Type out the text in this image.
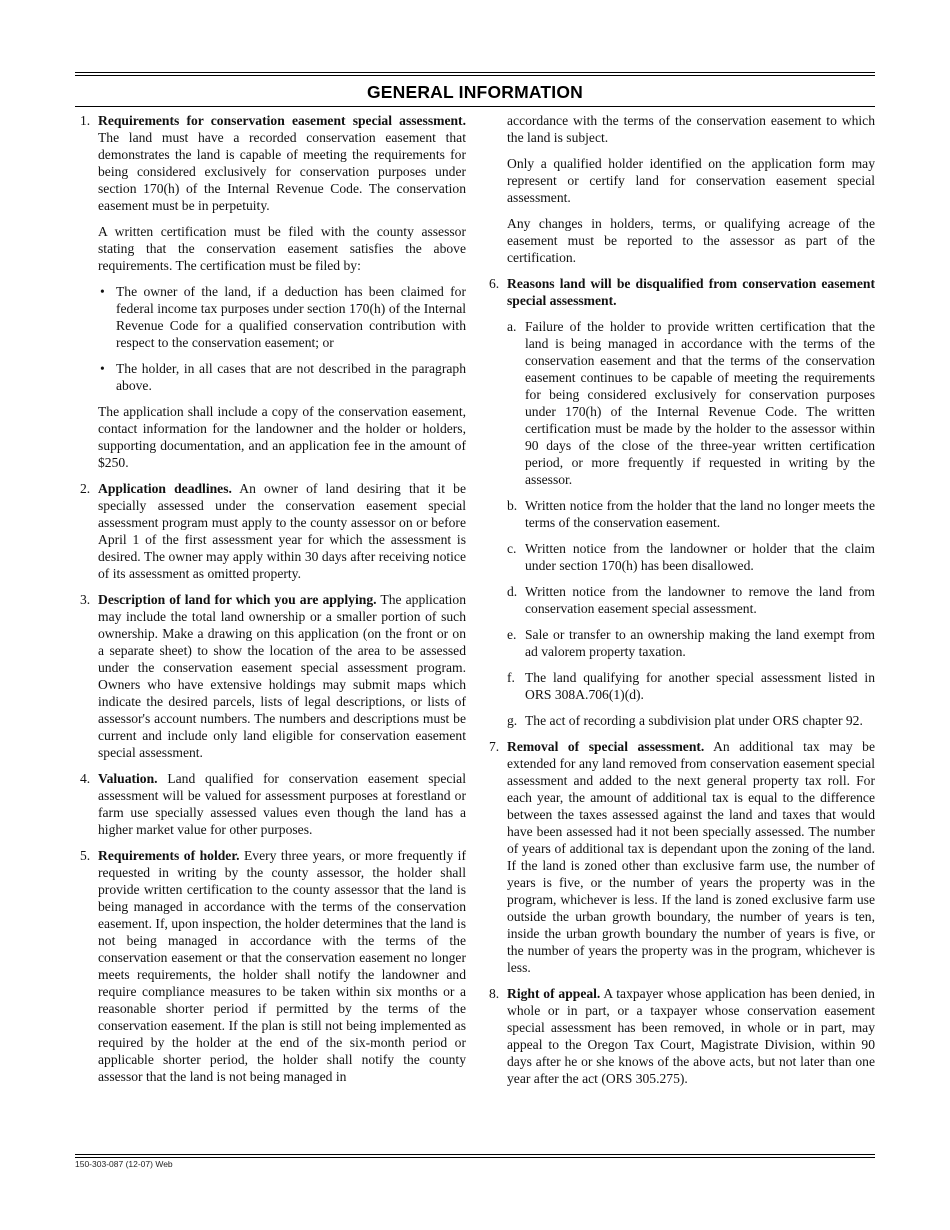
GENERAL INFORMATION
1. Requirements for conservation easement special assessment. The land must have a recorded conservation easement that demonstrates the land is capable of meeting the requirements for being considered exclusively for conservation purposes under section 170(h) of the Internal Revenue Code. The conservation easement must be in perpetuity.
A written certification must be filed with the county assessor stating that the conservation easement satisfies the above requirements. The certification must be filed by:
• The owner of the land, if a deduction has been claimed for federal income tax purposes under section 170(h) of the Internal Revenue Code for a qualified conservation contribution with respect to the conservation easement; or
• The holder, in all cases that are not described in the paragraph above.
The application shall include a copy of the conservation easement, contact information for the landowner and the holder or holders, supporting documentation, and an application fee in the amount of $250.
2. Application deadlines. An owner of land desiring that it be specially assessed under the conservation easement special assessment program must apply to the county assessor on or before April 1 of the first assessment year for which the assessment is desired. The owner may apply within 30 days after receiving notice of its assessment as omitted property.
3. Description of land for which you are applying. The application may include the total land ownership or a smaller portion of such ownership. Make a drawing on this application (on the front or on a separate sheet) to show the location of the area to be assessed under the conservation easement special assessment program. Owners who have extensive holdings may submit maps which indicate the desired parcels, lists of legal descriptions, or lists of assessor's account numbers. The numbers and descriptions must be current and include only land eligible for conservation easement special assessment.
4. Valuation. Land qualified for conservation easement special assessment will be valued for assessment purposes at forestland or farm use specially assessed values even though the land has a higher market value for other purposes.
5. Requirements of holder. Every three years, or more frequently if requested in writing by the county assessor, the holder shall provide written certification to the county assessor that the land is being managed in accordance with the terms of the conservation easement. If, upon inspection, the holder determines that the land is not being managed in accordance with the terms of the conservation easement or that the conservation easement no longer meets requirements, the holder shall notify the landowner and require compliance measures to be taken within six months or a reasonable shorter period if permitted by the terms of the conservation easement. If the plan is still not being implemented as required by the holder at the end of the six-month period or applicable shorter period, the holder shall notify the county assessor that the land is not being managed in
accordance with the terms of the conservation easement to which the land is subject.
Only a qualified holder identified on the application form may represent or certify land for conservation easement special assessment.
Any changes in holders, terms, or qualifying acreage of the easement must be reported to the assessor as part of the certification.
6. Reasons land will be disqualified from conservation easement special assessment.
a. Failure of the holder to provide written certification that the land is being managed in accordance with the terms of the conservation easement and that the terms of the conservation easement continues to be capable of meeting the requirements for being considered exclusively for conservation purposes under 170(h) of the Internal Revenue Code. The written certification must be made by the holder to the assessor within 90 days of the close of the three-year written certification period, or more frequently if requested in writing by the assessor.
b. Written notice from the holder that the land no longer meets the terms of the conservation easement.
c. Written notice from the landowner or holder that the claim under section 170(h) has been disallowed.
d. Written notice from the landowner to remove the land from conservation easement special assessment.
e. Sale or transfer to an ownership making the land exempt from ad valorem property taxation.
f. The land qualifying for another special assessment listed in ORS 308A.706(1)(d).
g. The act of recording a subdivision plat under ORS chapter 92.
7. Removal of special assessment. An additional tax may be extended for any land removed from conservation easement special assessment and added to the next general property tax roll. For each year, the amount of additional tax is equal to the difference between the taxes assessed against the land and taxes that would have been assessed had it not been specially assessed. The number of years of additional tax is dependant upon the zoning of the land. If the land is zoned other than exclusive farm use, the number of years is five, or the number of years the property was in the program, whichever is less. If the land is zoned exclusive farm use outside the urban growth boundary, the number of years is ten, inside the urban growth boundary the number of years is five, or the number of years the property was in the program, whichever is less.
8. Right of appeal. A taxpayer whose application has been denied, in whole or in part, or a taxpayer whose conservation easement special assessment has been removed, in whole or in part, may appeal to the Oregon Tax Court, Magistrate Division, within 90 days after he or she knows of the above acts, but not later than one year after the act (ORS 305.275).
150-303-087 (12-07) Web
